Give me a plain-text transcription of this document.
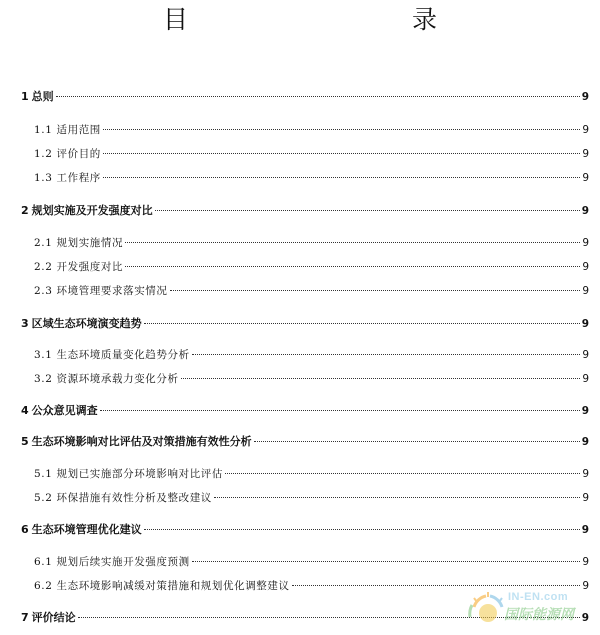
目　　录
1 总则	9
1.1 适用范围	9
1.2 评价目的	9
1.3 工作程序	9
2 规划实施及开发强度对比	9
2.1 规划实施情况	9
2.2 开发强度对比	9
2.3 环境管理要求落实情况	9
3 区域生态环境演变趋势	9
3.1 生态环境质量变化趋势分析	9
3.2 资源环境承载力变化分析	9
4 公众意见调查	9
5 生态环境影响对比评估及对策措施有效性分析	9
5.1 规划已实施部分环境影响对比评估	9
5.2 环保措施有效性分析及整改建议	9
6 生态环境管理优化建议	9
6.1 规划后续实施开发强度预测	9
6.2 生态环境影响减缓对策措施和规划优化调整建议	9
7 评价结论	9
IN-EN.com
国际能源网
